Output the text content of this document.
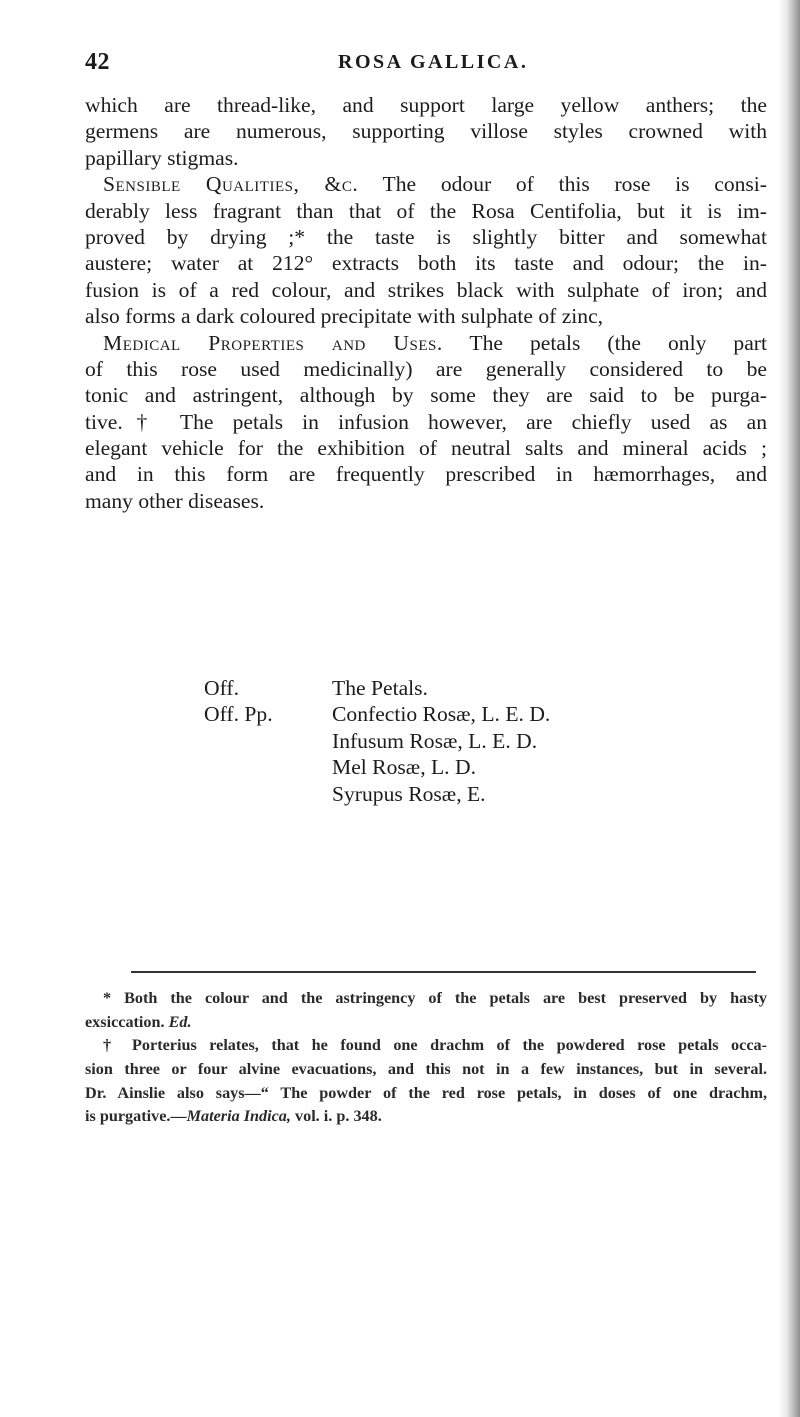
42	ROSA GALLICA.
which are thread-like, and support large yellow anthers; the
germens are numerous, supporting villose styles crowned with
papillary stigmas.
Sensible Qualities, &c. The odour of this rose is consi-
derably less fragrant than that of the Rosa Centifolia, but it is im-
proved by drying ;* the taste is slightly bitter and somewhat
austere; water at 212° extracts both its taste and odour; the in-
fusion is of a red colour, and strikes black with sulphate of iron; and
also forms a dark coloured precipitate with sulphate of zinc,
Medical Properties and Uses. The petals (the only part
of this rose used medicinally) are generally considered to be
tonic and astringent, although by some they are said to be purga-
tive.† The petals in infusion however, are chiefly used as an
elegant vehicle for the exhibition of neutral salts and mineral acids ;
and in this form are frequently prescribed in hæmorrhages, and
many other diseases.
Off.	The Petals.
Off. Pp.	Confectio Rosæ, L. E. D.
Infusum Rosæ, L. E. D.
Mel Rosæ, L. D.
Syrupus Rosæ, E.
* Both the colour and the astringency of the petals are best preserved by hasty
exsiccation. Ed.
† Porterius relates, that he found one drachm of the powdered rose petals occa-
sion three or four alvine evacuations, and this not in a few instances, but in several.
Dr. Ainslie also says—“ The powder of the red rose petals, in doses of one drachm,
is purgative.—Materia Indica, vol. i. p. 348.
